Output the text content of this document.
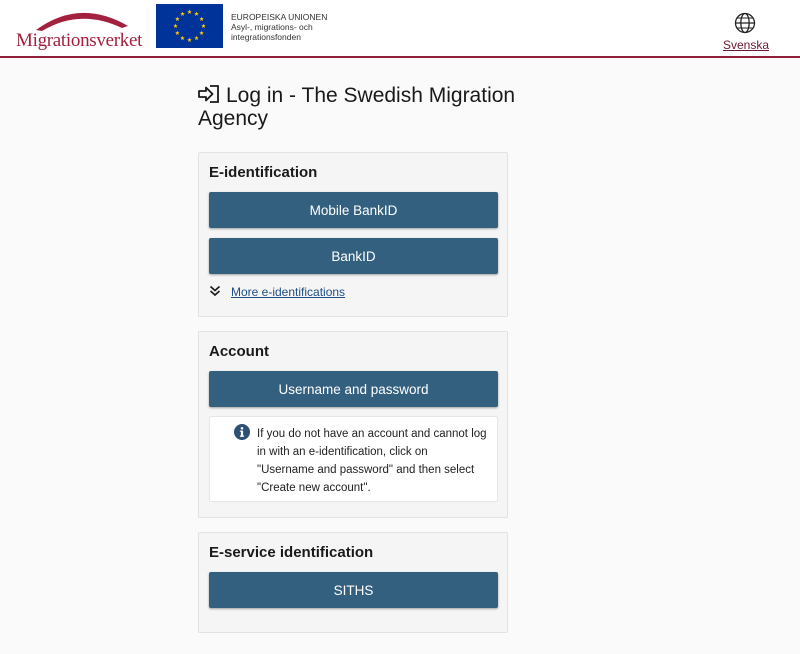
Migrationsverket
EUROPEISKA UNIONEN
Asyl-, migrations- och
integrationsfonden
Svenska
Log in - The Swedish Migration Agency
E-identification
Mobile BankID
BankID
More e-identifications
Account
Username and password
If you do not have an account and cannot log in with an e-identification, click on "Username and password" and then select "Create new account".
E-service identification
SITHS
